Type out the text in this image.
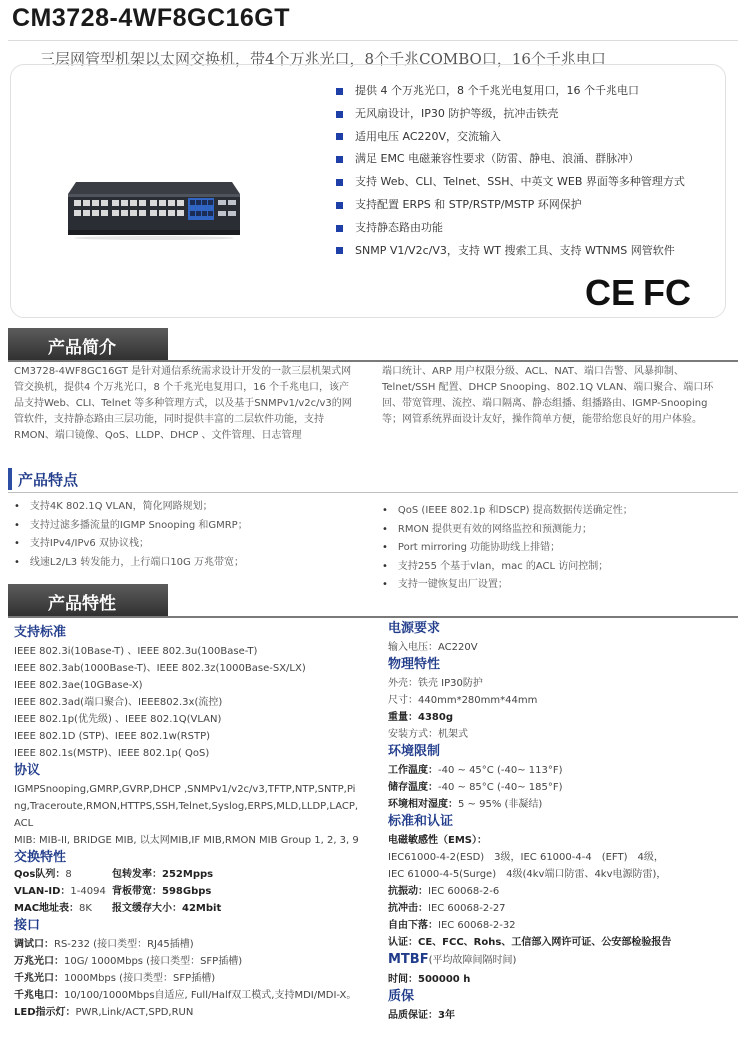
CM3728-4WF8GC16GT
三层网管型机架以太网交换机，带4个万兆光口，8个千兆COMBO口，16个千兆电口
提供 4 个万兆光口，8 个千兆光电复用口，16 个千兆电口
无风扇设计，IP30 防护等级，抗冲击铁壳
适用电压 AC220V，交流输入
满足 EMC 电磁兼容性要求（防雷、静电、浪涌、群脉冲）
支持 Web、CLI、Telnet、SSH、中英文 WEB 界面等多种管理方式
支持配置 ERPS 和 STP/RSTP/MSTP 环网保护
支持静态路由功能
SNMP V1/V2c/V3，支持 WT 搜索工具、支持 WTNMS 网管软件
CE FC
产品简介
CM3728-4WF8GC16GT 是针对通信系统需求设计开发的一款三层机架式网管交换机，提供4 个万兆光口，8 个千兆光电复用口，16 个千兆电口，该产品支持Web、CLI、Telnet 等多种管理方式，以及基于SNMPv1/v2c/v3的网管软件，支持静态路由三层功能，同时提供丰富的二层软件功能，支持RMON、端口镜像、QoS、LLDP、DHCP 、文件管理、日志管理
端口统计、ARP 用户权限分级、ACL、NAT、端口告警、风暴抑制、Telnet/SSH 配置、DHCP Snooping、802.1Q VLAN、端口聚合、端口环回、带宽管理、流控、端口隔离、静态组播、组播路由、IGMP-Snooping 等；网管系统界面设计友好，操作简单方便，能带给您良好的用户体验。
产品特点
• 支持4K 802.1Q VLAN，简化网路规划；
• 支持过滤多播流量的IGMP Snooping 和GMRP；
• 支持IPv4/IPv6 双协议栈；
• 线速L2/L3 转发能力，上行端口10G 万兆带宽；
• QoS (IEEE 802.1p 和DSCP) 提高数据传送确定性；
• RMON 提供更有效的网络监控和预测能力；
• Port mirroring 功能协助线上排错；
• 支持255 个基于vlan，mac 的ACL 访问控制；
• 支持一键恢复出厂设置；
产品特性
支持标准
IEEE 802.3i(10Base-T) 、IEEE 802.3u(100Base-T)
IEEE 802.3ab(1000Base-T)、IEEE 802.3z(1000Base-SX/LX)
IEEE 802.3ae(10GBase-X)
IEEE 802.3ad(端口聚合)、IEEE802.3x(流控)
IEEE 802.1p(优先级) 、IEEE 802.1Q(VLAN)
IEEE 802.1D (STP)、IEEE 802.1w(RSTP)
IEEE 802.1s(MSTP)、IEEE 802.1p( QoS)
协议
IGMPSnooping,GMRP,GVRP,DHCP ,SNMPv1/v2c/v3,TFTP,NTP,SNTP,Ping,Traceroute,RMON,HTTPS,SSH,Telnet,Syslog,ERPS,MLD,LLDP,LACP,ACL
MIB: MIB-II, BRIDGE MIB, 以太网MIB,IF MIB,RMON MIB Group 1, 2, 3, 9
交换特性
Qos队列：8	包转发率：252Mpps
VLAN-ID：1-4094 背板带宽：598Gbps
MAC地址表：8K	报文缓存大小：42Mbit
接口
调试口：RS-232 (接口类型：RJ45插槽)
万兆光口：10G/ 1000Mbps (接口类型：SFP插槽)
千兆光口：1000Mbps (接口类型：SFP插槽)
千兆电口：10/100/1000Mbps自适应, Full/Half双工模式,支持MDI/MDI-X。
LED指示灯：PWR,Link/ACT,SPD,RUN
电源要求
输入电压：AC220V
物理特性
外壳：铁壳 IP30防护
尺寸：440mm*280mm*44mm
重量：4380g
安装方式：机架式
环境限制
工作温度：-40 ~ 45°C (-40~ 113°F)
储存温度：-40 ~ 85°C (-40~ 185°F)
环境相对湿度：5 ~ 95% (非凝结)
标准和认证
电磁敏感性（EMS）：
IEC61000-4-2(ESD)　3级，IEC 61000-4-4　(EFT)　4级，
IEC 61000-4-5(Surge)　4级(4kv端口防雷、4kv电源防雷)，
抗振动：IEC 60068-2-6
抗冲击：IEC 60068-2-27
自由下落：IEC 60068-2-32
认证：CE、FCC、Rohs、工信部入网许可证、公安部检验报告
MTBF(平均故障间隔时间)
时间：500000 h
质保
品质保证：3年
